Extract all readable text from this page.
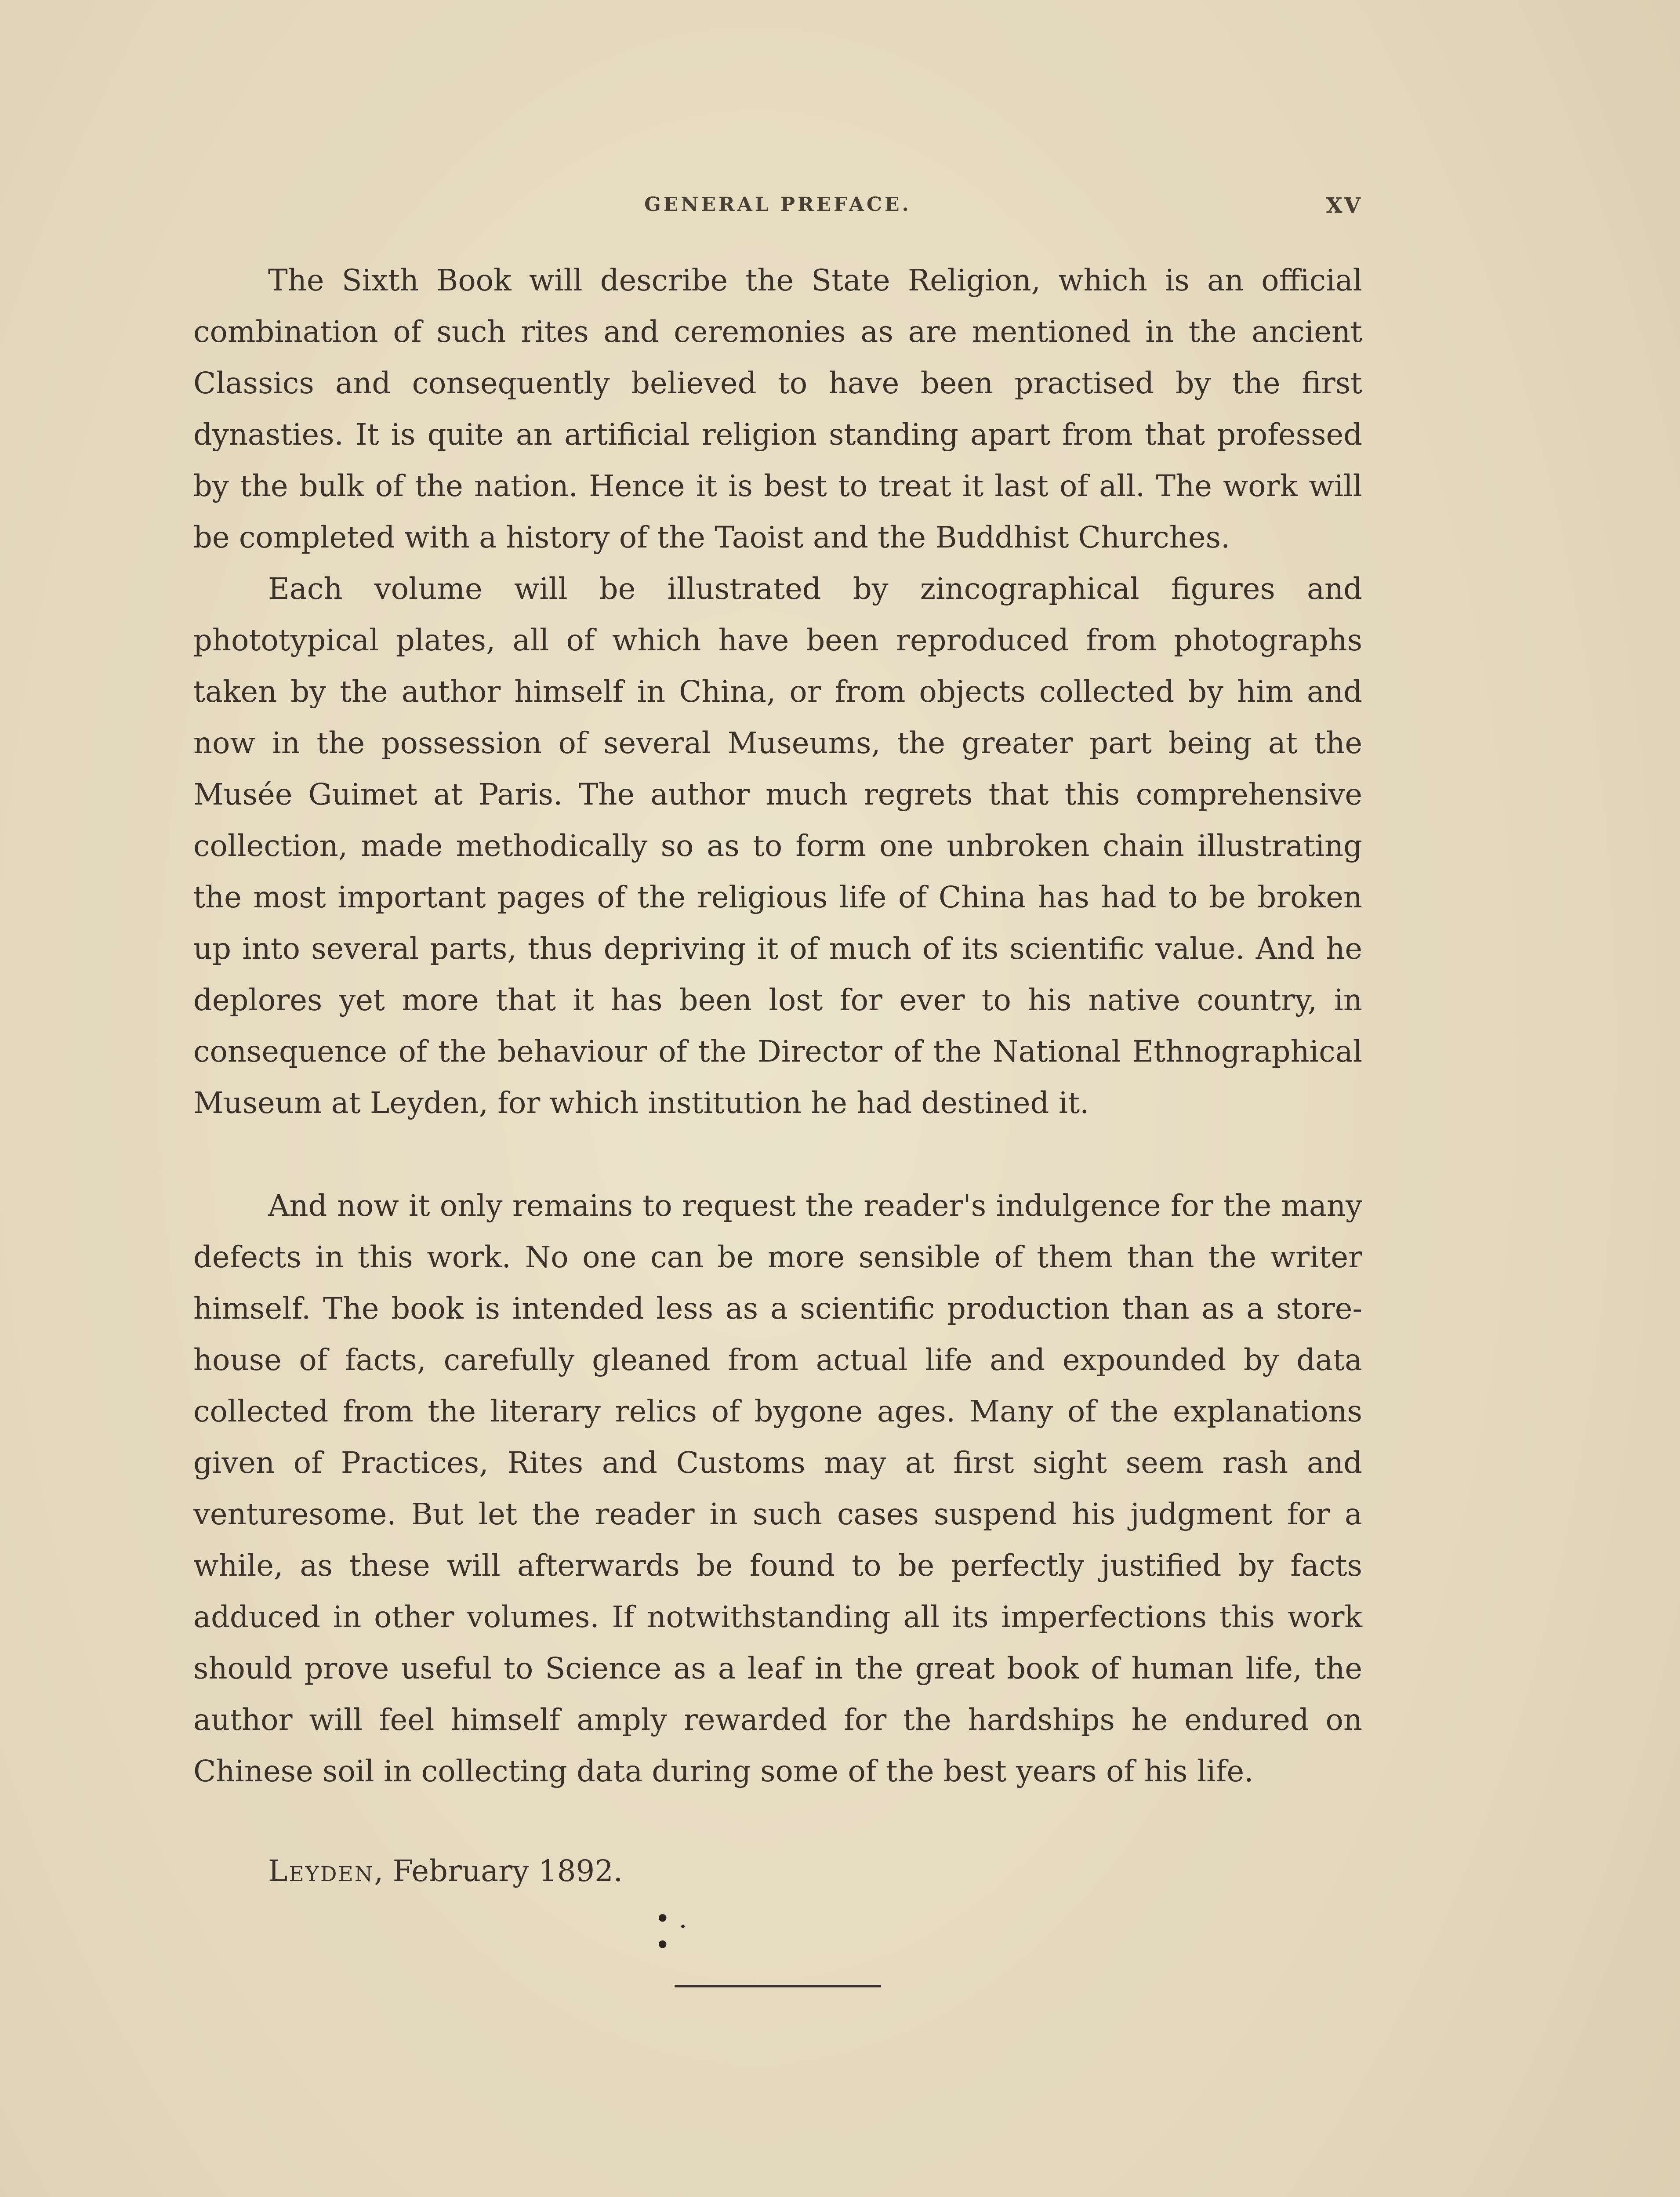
GENERAL PREFACE.	XV

The Sixth Book will describe the State Religion, which is an official combination of such rites and ceremonies as are mentioned in the ancient Classics and consequently believed to have been practised by the first dynasties. It is quite an artificial religion standing apart from that professed by the bulk of the nation. Hence it is best to treat it last of all. The work will be completed with a history of the Taoist and the Buddhist Churches.

Each volume will be illustrated by zincographical figures and phototypical plates, all of which have been reproduced from photographs taken by the author himself in China, or from objects collected by him and now in the possession of several Museums, the greater part being at the Musée Guimet at Paris. The author much regrets that this comprehensive collection, made methodically so as to form one unbroken chain illustrating the most important pages of the religious life of China has had to be broken up into several parts, thus depriving it of much of its scientific value. And he deplores yet more that it has been lost for ever to his native country, in consequence of the behaviour of the Director of the National Ethnographical Museum at Leyden, for which institution he had destined it.

And now it only remains to request the reader's indulgence for the many defects in this work. No one can be more sensible of them than the writer himself. The book is intended less as a scientific production than as a store-house of facts, carefully gleaned from actual life and expounded by data collected from the literary relics of bygone ages. Many of the explanations given of Practices, Rites and Customs may at first sight seem rash and venturesome. But let the reader in such cases suspend his judgment for a while, as these will afterwards be found to be perfectly justified by facts adduced in other volumes. If notwithstanding all its imperfections this work should prove useful to Science as a leaf in the great book of human life, the author will feel himself amply rewarded for the hardships he endured on Chinese soil in collecting data during some of the best years of his life.

Leyden, February 1892.

• .
•
